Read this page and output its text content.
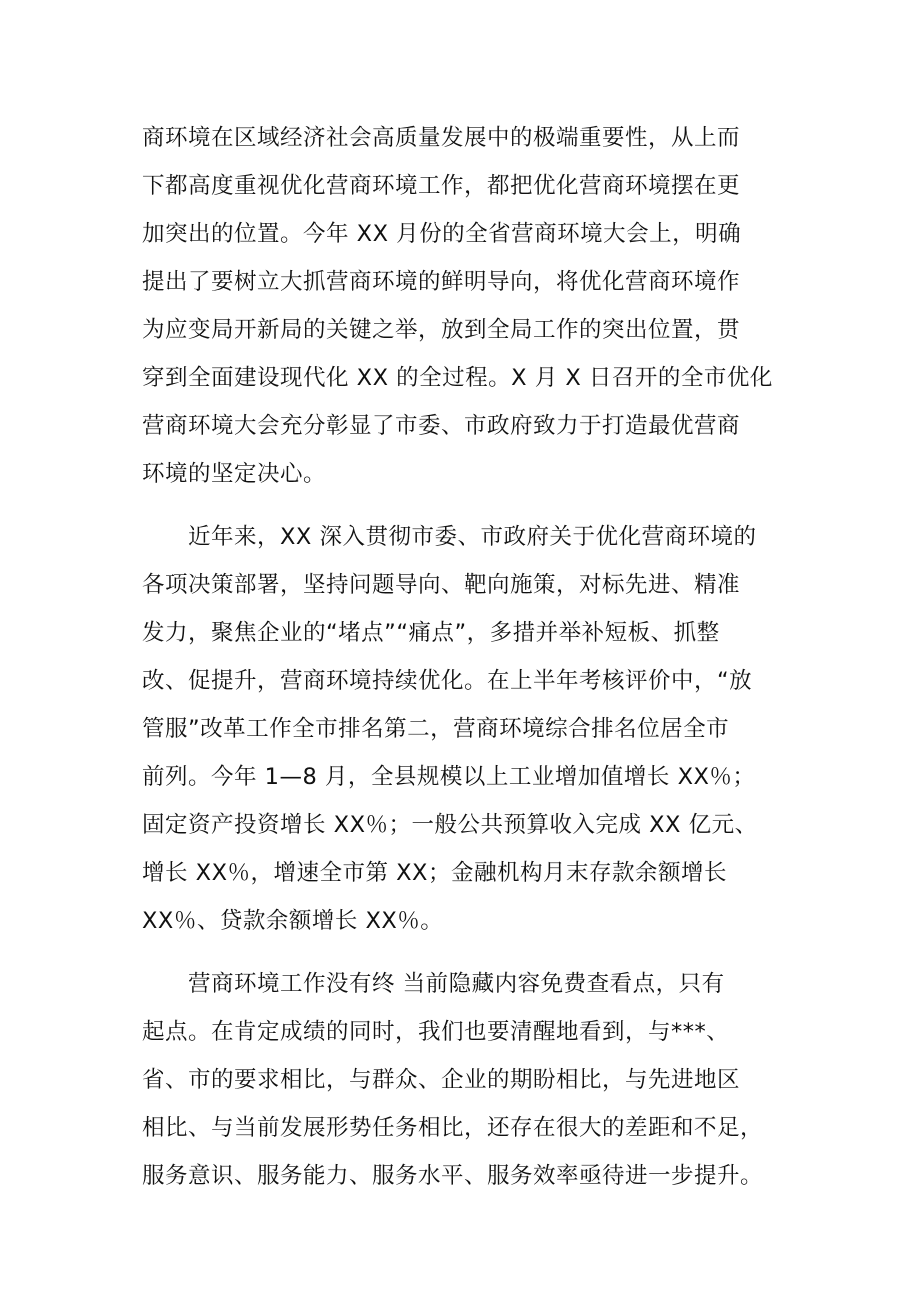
商环境在区域经济社会高质量发展中的极端重要性，从上而
下都高度重视优化营商环境工作，都把优化营商环境摆在更
加突出的位置。今年 XX 月份的全省营商环境大会上，明确
提出了要树立大抓营商环境的鲜明导向，将优化营商环境作
为应变局开新局的关键之举，放到全局工作的突出位置，贯
穿到全面建设现代化 XX 的全过程。X 月 X 日召开的全市优化
营商环境大会充分彰显了市委、市政府致力于打造最优营商
环境的坚定决心。
　　近年来，XX 深入贯彻市委、市政府关于优化营商环境的
各项决策部署，坚持问题导向、靶向施策，对标先进、精准
发力，聚焦企业的“堵点”“痛点”，多措并举补短板、抓整
改、促提升，营商环境持续优化。在上半年考核评价中，“放
管服”改革工作全市排名第二，营商环境综合排名位居全市
前列。今年 1—8 月，全县规模以上工业增加值增长 XX％；
固定资产投资增长 XX％；一般公共预算收入完成 XX 亿元、
增长 XX％，增速全市第 XX；金融机构月末存款余额增长
XX％、贷款余额增长 XX％。
　　营商环境工作没有终 当前隐藏内容免费查看点，只有
起点。在肯定成绩的同时，我们也要清醒地看到，与***、
省、市的要求相比，与群众、企业的期盼相比，与先进地区
相比、与当前发展形势任务相比，还存在很大的差距和不足，
服务意识、服务能力、服务水平、服务效率亟待进一步提升。
